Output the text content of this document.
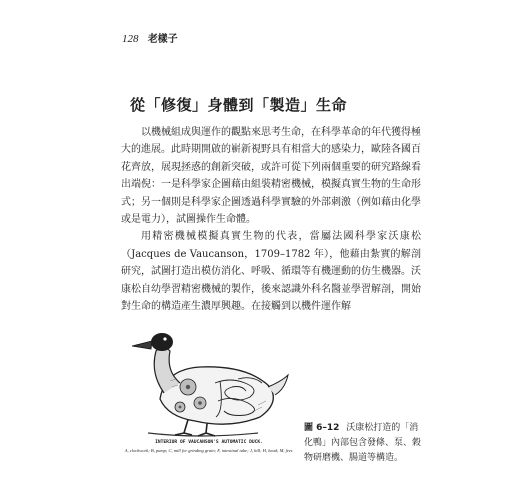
128 老樣子
從「修復」身體到「製造」生命

以機械組成與運作的觀點來思考生命，在科學革命的年代獲得極大的進展。此時期開啟的嶄新視野具有相當大的感染力，歐陸各國百花齊放，展現拯惑的創新突破，或許可從下列兩個重要的研究路線看出端倪：一是科學家企圖藉由組裝精密機械，模擬真實生物的生命形式；另一個則是科學家企圖透過科學實驗的外部刺激（例如藉由化學或是電力），試圖操作生命體。

用精密機械模擬真實生物的代表，當屬法國科學家沃康松（Jacques de Vaucanson，1709–1782 年），他藉由紮實的解剖研究，試圖打造出模仿消化、呼吸、循環等有機運動的仿生機器。沃康松自幼學習精密機械的製作，後來認識外科名醫並學習解剖，開始對生命的構造產生濃厚興趣。在接觸到以機件運作解

INTERIOR OF VAUCANSON'S AUTOMATIC DUCK.
A, clockwork; B, pump; C, mill for grinding grain; F, intestinal tube; J, bill; H, head; M, feet.
圖 6–12 沃康松打造的「消化鴨」內部包含發條、泵、穀物研磨機、腸道等構造。
